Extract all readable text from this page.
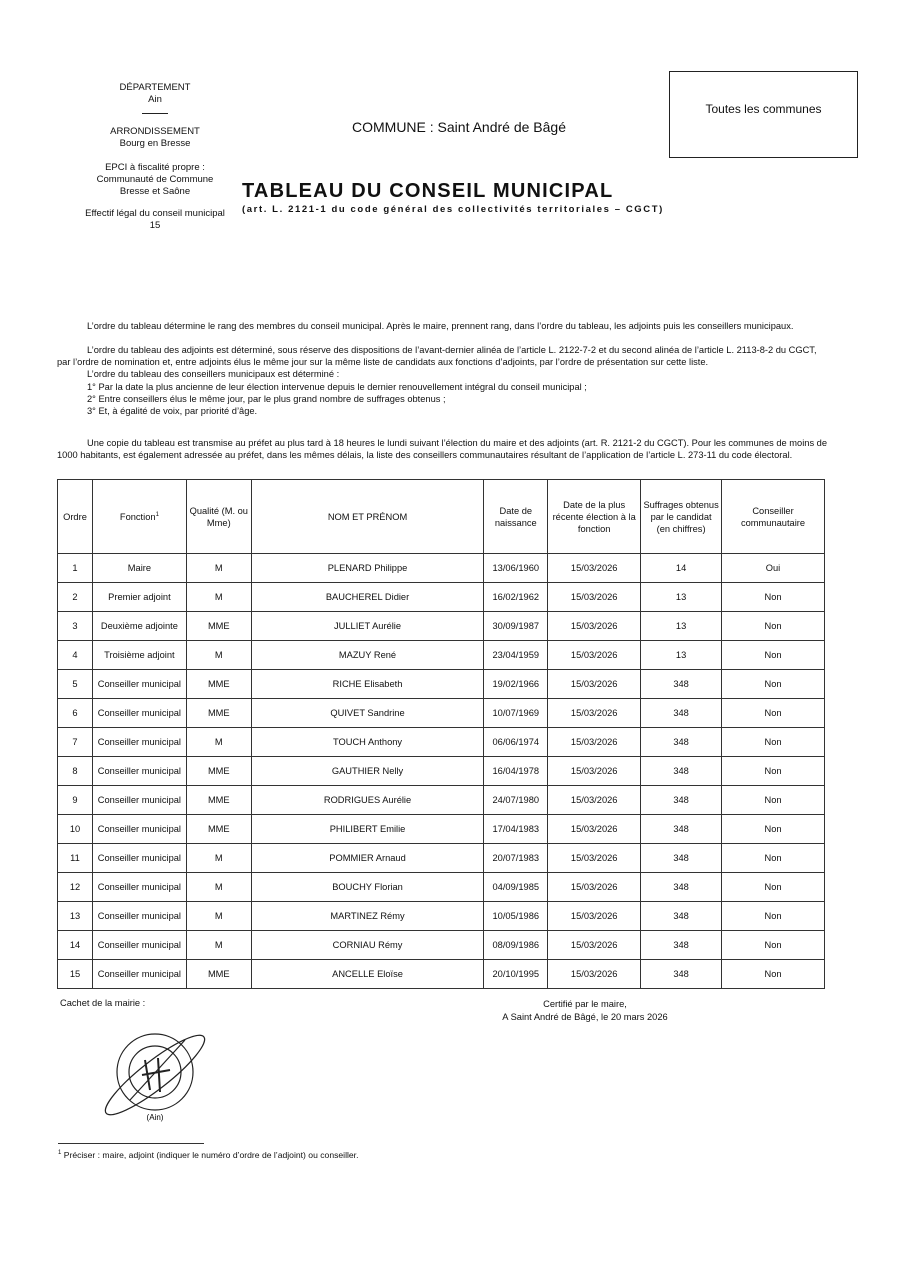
DÉPARTEMENT
Ain

ARRONDISSEMENT
Bourg en Bresse

EPCI à fiscalité propre :
Communauté de Commune
Bresse et Saône

Effectif légal du conseil municipal
15

Toutes les communes
COMMUNE : Saint André de Bâgé
TABLEAU DU CONSEIL MUNICIPAL
(art. L. 2121-1 du code général des collectivités territoriales – CGCT)

L’ordre du tableau détermine le rang des membres du conseil municipal. Après le maire, prennent rang, dans l’ordre du tableau, les adjoints puis les conseillers municipaux.

L’ordre du tableau des adjoints est déterminé, sous réserve des dispositions de l’avant-dernier alinéa de l’article L. 2122-7-2 et du second alinéa de l’article L. 2113-8-2 du CGCT, par l’ordre de nomination et, entre adjoints élus le même jour sur la même liste de candidats aux fonctions d’adjoints, par l’ordre de présentation sur cette liste.

L’ordre du tableau des conseillers municipaux est déterminé :

1° Par la date la plus ancienne de leur élection intervenue depuis le dernier renouvellement intégral du conseil municipal ;

2° Entre conseillers élus le même jour, par le plus grand nombre de suffrages obtenus ;

3° Et, à égalité de voix, par priorité d’âge.

Une copie du tableau est transmise au préfet au plus tard à 18 heures le lundi suivant l’élection du maire et des adjoints (art. R. 2121-2 du CGCT). Pour les communes de moins de 1000 habitants, est également adressée au préfet, dans les mêmes délais, la liste des conseillers communautaires résultant de l’application de l’article L. 273-11 du code électoral.

Ordre	Fonction$^1$	Qualité (M. ou Mme)	NOM ET PRÉNOM	Date de naissance	Date de la plus récente élection à la fonction	Suffrages obtenus par le candidat (en chiffres)	Conseiller communautaire
1	Maire	M	PLENARD Philippe	13/06/1960	15/03/2026	14	Oui
2	Premier adjoint	M	BAUCHEREL Didier	16/02/1962	15/03/2026	13	Non
3	Deuxième adjointe	MME	JULLIET Aurélie	30/09/1987	15/03/2026	13	Non
4	Troisième adjoint	M	MAZUY René	23/04/1959	15/03/2026	13	Non
5	Conseiller municipal	MME	RICHE Elisabeth	19/02/1966	15/03/2026	348	Non
6	Conseiller municipal	MME	QUIVET Sandrine	10/07/1969	15/03/2026	348	Non
7	Conseiller municipal	M	TOUCH Anthony	06/06/1974	15/03/2026	348	Non
8	Conseiller municipal	MME	GAUTHIER Nelly	16/04/1978	15/03/2026	348	Non
9	Conseiller municipal	MME	RODRIGUES Aurélie	24/07/1980	15/03/2026	348	Non
10	Conseiller municipal	MME	PHILIBERT Emilie	17/04/1983	15/03/2026	348	Non
11	Conseiller municipal	M	POMMIER Arnaud	20/07/1983	15/03/2026	348	Non
12	Conseiller municipal	M	BOUCHY Florian	04/09/1985	15/03/2026	348	Non
13	Conseiller municipal	M	MARTINEZ Rémy	10/05/1986	15/03/2026	348	Non
14	Conseiller municipal	M	CORNIAU Rémy	08/09/1986	15/03/2026	348	Non
15	Conseiller municipal	MME	ANCELLE Eloïse	20/10/1995	15/03/2026	348	Non
Cachet de la mairie :	Certifié par le maire,
A Saint André de Bâgé, le 20 mars 2026
(Ain)
$^1$ Préciser : maire, adjoint (indiquer le numéro d’ordre de l’adjoint) ou conseiller.
